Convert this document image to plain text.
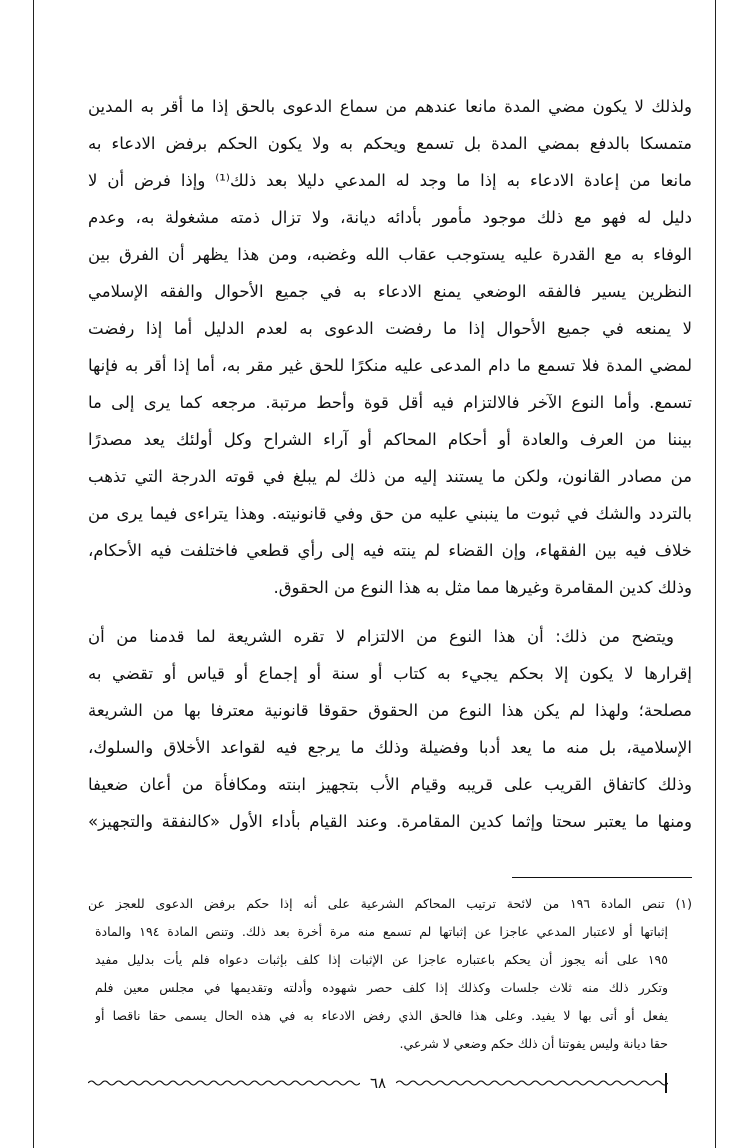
ولذلك لا يكون مضي المدة مانعا عندهم من سماع الدعوى بالحق إذا ما أقر به المدين
متمسكا بالدفع بمضي المدة بل تسمع ويحكم به ولا يكون الحكم برفض الادعاء به
مانعا من إعادة الادعاء به إذا ما وجد له المدعي دليلا بعد ذلك⁽¹⁾ وإذا فرض أن لا
دليل له فهو مع ذلك موجود مأمور بأدائه ديانة، ولا تزال ذمته مشغولة به، وعدم
الوفاء به مع القدرة عليه يستوجب عقاب الله وغضبه، ومن هذا يظهر أن الفرق بين
النظرين يسير فالفقه الوضعي يمنع الادعاء به في جميع الأحوال والفقه الإسلامي
لا يمنعه في جميع الأحوال إذا ما رفضت الدعوى به لعدم الدليل أما إذا رفضت
لمضي المدة فلا تسمع ما دام المدعى عليه منكرًا للحق غير مقر به، أما إذا أقر به فإنها
تسمع. وأما النوع الآخر فالالتزام فيه أقل قوة وأحط مرتبة. مرجعه كما يرى إلى ما
بيننا من العرف والعادة أو أحكام المحاكم أو آراء الشراح وكل أولئك يعد مصدرًا
من مصادر القانون، ولكن ما يستند إليه من ذلك لم يبلغ في قوته الدرجة التي تذهب
بالتردد والشك في ثبوت ما ينبني عليه من حق وفي قانونيته. وهذا يتراءى فيما يرى من
خلاف فيه بين الفقهاء، وإن القضاء لم ينته فيه إلى رأي قطعي فاختلفت فيه الأحكام،
وذلك كدين المقامرة وغيرها مما مثل به هذا النوع من الحقوق.
ويتضح من ذلك: أن هذا النوع من الالتزام لا تقره الشريعة لما قدمنا من أن
إقرارها لا يكون إلا بحكم يجيء به كتاب أو سنة أو إجماع أو قياس أو تقضي به
مصلحة؛ ولهذا لم يكن هذا النوع من الحقوق حقوقا قانونية معترفا بها من الشريعة
الإسلامية، بل منه ما يعد أدبا وفضيلة وذلك ما يرجع فيه لقواعد الأخلاق والسلوك،
وذلك كاتفاق القريب على قريبه وقيام الأب بتجهيز ابنته ومكافأة من أعان ضعيفا
ومنها ما يعتبر سحتا وإثما كدين المقامرة. وعند القيام بأداء الأول «كالنفقة والتجهيز»
(١) تنص المادة ١٩٦ من لائحة ترتيب المحاكم الشرعية على أنه إذا حكم برفض الدعوى للعجز عن
إثباتها أو لاعتبار المدعي عاجزا عن إثباتها لم تسمع منه مرة أخرة بعد ذلك. وتنص المادة ١٩٤ والمادة
١٩٥ على أنه يجوز أن يحكم باعتباره عاجزا عن الإثبات إذا كلف بإثبات دعواه فلم يأت بدليل مفيد
وتكرر ذلك منه ثلاث جلسات وكذلك إذا كلف حصر شهوده وأدلته وتقديمها في مجلس معين فلم
يفعل أو أتى بها لا يفيد. وعلى هذا فالحق الذي رفض الادعاء به في هذه الحال يسمى حقا ناقصا أو
حقا ديانة وليس يفوتنا أن ذلك حكم وضعي لا شرعي.
٦٨
